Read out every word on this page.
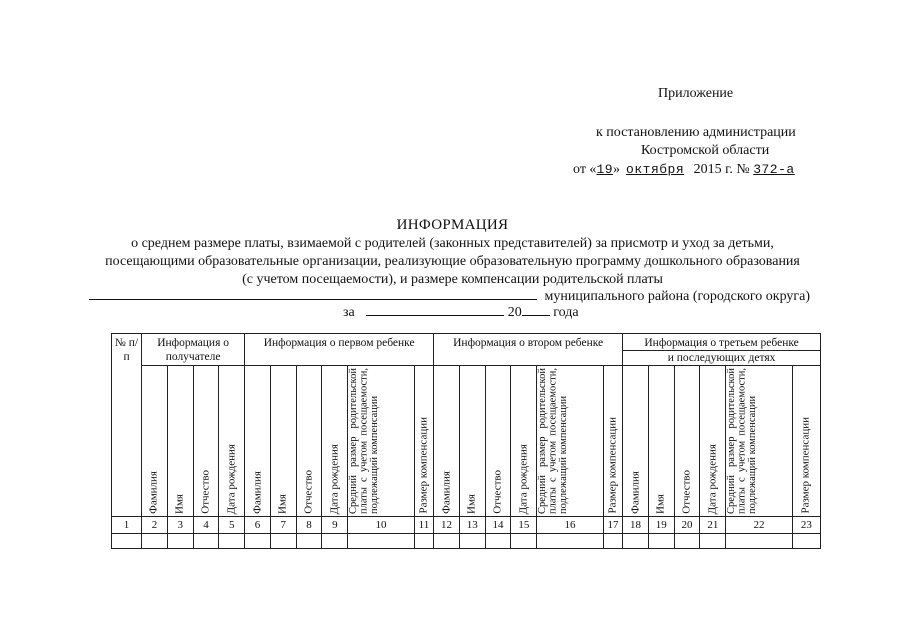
Приложение
к постановлению администрации
Костромской области
от «19» октября 2015 г. № 372-а
ИНФОРМАЦИЯ
о среднем размере платы, взимаемой с родителей (законных представителей) за присмотр и уход за детьми,
посещающими образовательные организации, реализующие образовательную программу дошкольного образования
(с учетом посещаемости), и размере компенсации родительской платы
муниципального района (городского округа)
за	20 года
№ п/п	Информация о получателе				Информация о первом ребенке						Информация о втором ребенке						Информация о третьем ребенке
и последующих детях					

	Фамилия	Имя	Отчество	Дата рождения	Фамилия	Имя	Отчество	Дата рождения	Средний размер родительской платы с учетом посещаемости, подлежащий компенсации	Размер компенсации	Фамилия	Имя	Отчество	Дата рождения	Средний размер родительской платы с учетом посещаемости, подлежащий компенсации	Размер компенсации	Фамилия	Имя	Отчество	Дата рождения	Средний размер родительской платы с учетом посещаемости, подлежащий компенсации	Размер компенсации

1	2	3	4	5	6	7	8	9	10	11	12	13	14	15	16	17	18	19	20	21	22	23
